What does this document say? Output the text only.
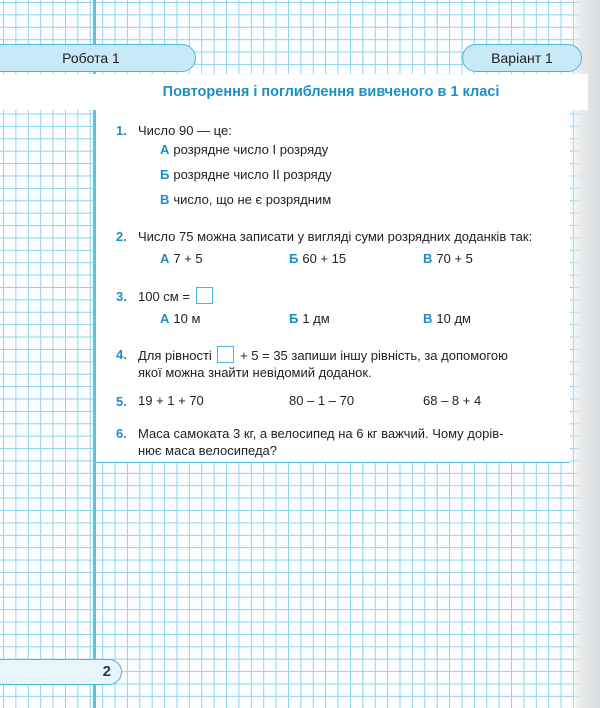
Робота 1	Варіант 1
Повторення і поглиблення вивченого в 1 класі
1. Число 90 — це:
А розрядне число І розряду
Б розрядне число ІІ розряду
В число, що не є розрядним
2. Число 75 можна записати у вигляді суми розрядних доданків так:
А 7 + 5	Б 60 + 15	В 70 + 5
3. 100 см =
А 10 м	Б 1 дм	В 10 дм
4. Для рівності + 5 = 35 запиши іншу рівність, за допомогою
якої можна знайти невідомий доданок.
5. 19 + 1 + 70	80 – 1 – 70	68 – 8 + 4
6. Маса самоката 3 кг, а велосипед на 6 кг важчий. Чому дорів-
нює маса велосипеда?
2
